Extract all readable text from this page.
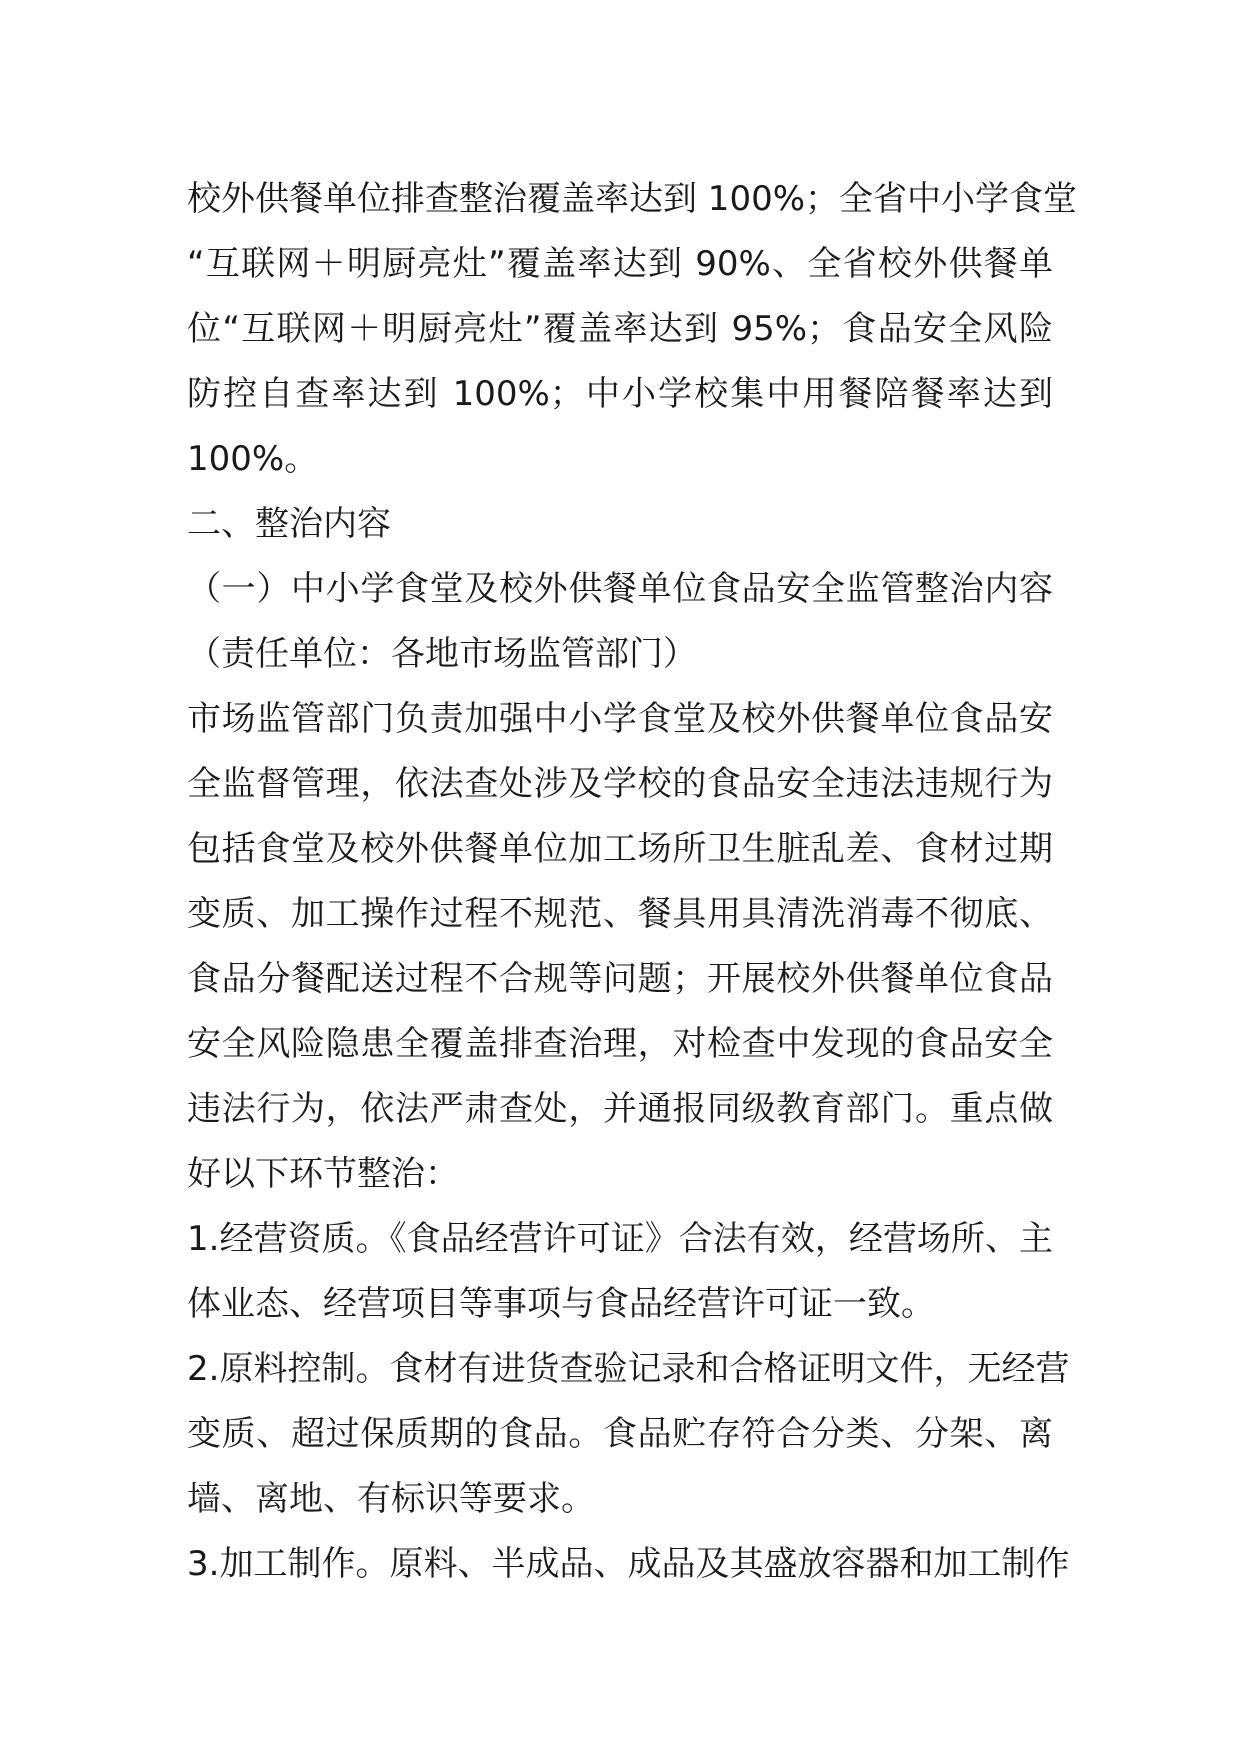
校外供餐单位排查整治覆盖率达到 100%；全省中小学食堂
“互联网＋明厨亮灶”覆盖率达到 90%、全省校外供餐单
位“互联网＋明厨亮灶”覆盖率达到 95%；食品安全风险
防控自查率达到 100%；中小学校集中用餐陪餐率达到
100%。
二、整治内容
（一）中小学食堂及校外供餐单位食品安全监管整治内容
（责任单位：各地市场监管部门）
市场监管部门负责加强中小学食堂及校外供餐单位食品安
全监督管理，依法查处涉及学校的食品安全违法违规行为
包括食堂及校外供餐单位加工场所卫生脏乱差、食材过期
变质、加工操作过程不规范、餐具用具清洗消毒不彻底、
食品分餐配送过程不合规等问题；开展校外供餐单位食品
安全风险隐患全覆盖排查治理，对检查中发现的食品安全
违法行为，依法严肃查处，并通报同级教育部门。重点做
好以下环节整治：
1.经营资质。《食品经营许可证》合法有效，经营场所、主
体业态、经营项目等事项与食品经营许可证一致。
2.原料控制。食材有进货查验记录和合格证明文件，无经营
变质、超过保质期的食品。食品贮存符合分类、分架、离
墙、离地、有标识等要求。
3.加工制作。原料、半成品、成品及其盛放容器和加工制作
